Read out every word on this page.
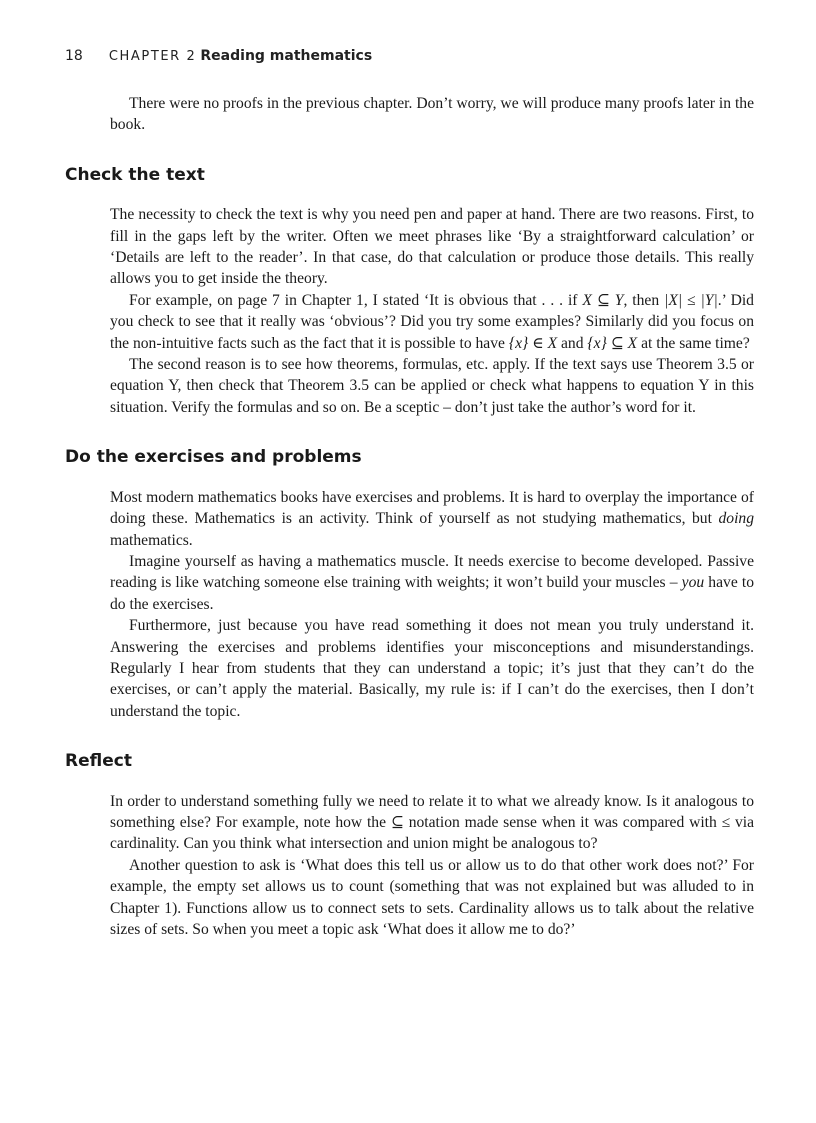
18 CHAPTER 2 Reading mathematics

There were no proofs in the previous chapter. Don’t worry, we will produce many proofs later in the book.

Check the text

The necessity to check the text is why you need pen and paper at hand. There are two reasons. First, to fill in the gaps left by the writer. Often we meet phrases like ‘By a straightforward calculation’ or ‘Details are left to the reader’. In that case, do that calculation or produce those details. This really allows you to get inside the theory.

For example, on page 7 in Chapter 1, I stated ‘It is obvious that . . . if X ⊆ Y, then |X| ≤ |Y|.’ Did you check to see that it really was ‘obvious’? Did you try some examples? Similarly did you focus on the non-intuitive facts such as the fact that it is possible to have {x} ∈ X and {x} ⊆ X at the same time?

The second reason is to see how theorems, formulas, etc. apply. If the text says use Theorem 3.5 or equation Y, then check that Theorem 3.5 can be applied or check what happens to equation Y in this situation. Verify the formulas and so on. Be a sceptic – don’t just take the author’s word for it.

Do the exercises and problems

Most modern mathematics books have exercises and problems. It is hard to overplay the importance of doing these. Mathematics is an activity. Think of yourself as not studying mathematics, but doing mathematics.

Imagine yourself as having a mathematics muscle. It needs exercise to become developed. Passive reading is like watching someone else training with weights; it won’t build your muscles – you have to do the exercises.

Furthermore, just because you have read something it does not mean you truly understand it. Answering the exercises and problems identifies your misconceptions and misunderstandings. Regularly I hear from students that they can understand a topic; it’s just that they can’t do the exercises, or can’t apply the material. Basically, my rule is: if I can’t do the exercises, then I don’t understand the topic.

Reflect

In order to understand something fully we need to relate it to what we already know. Is it analogous to something else? For example, note how the ⊆ notation made sense when it was compared with ≤ via cardinality. Can you think what intersection and union might be analogous to?

Another question to ask is ‘What does this tell us or allow us to do that other work does not?’ For example, the empty set allows us to count (something that was not explained but was alluded to in Chapter 1). Functions allow us to connect sets to sets. Cardinality allows us to talk about the relative sizes of sets. So when you meet a topic ask ‘What does it allow me to do?’
